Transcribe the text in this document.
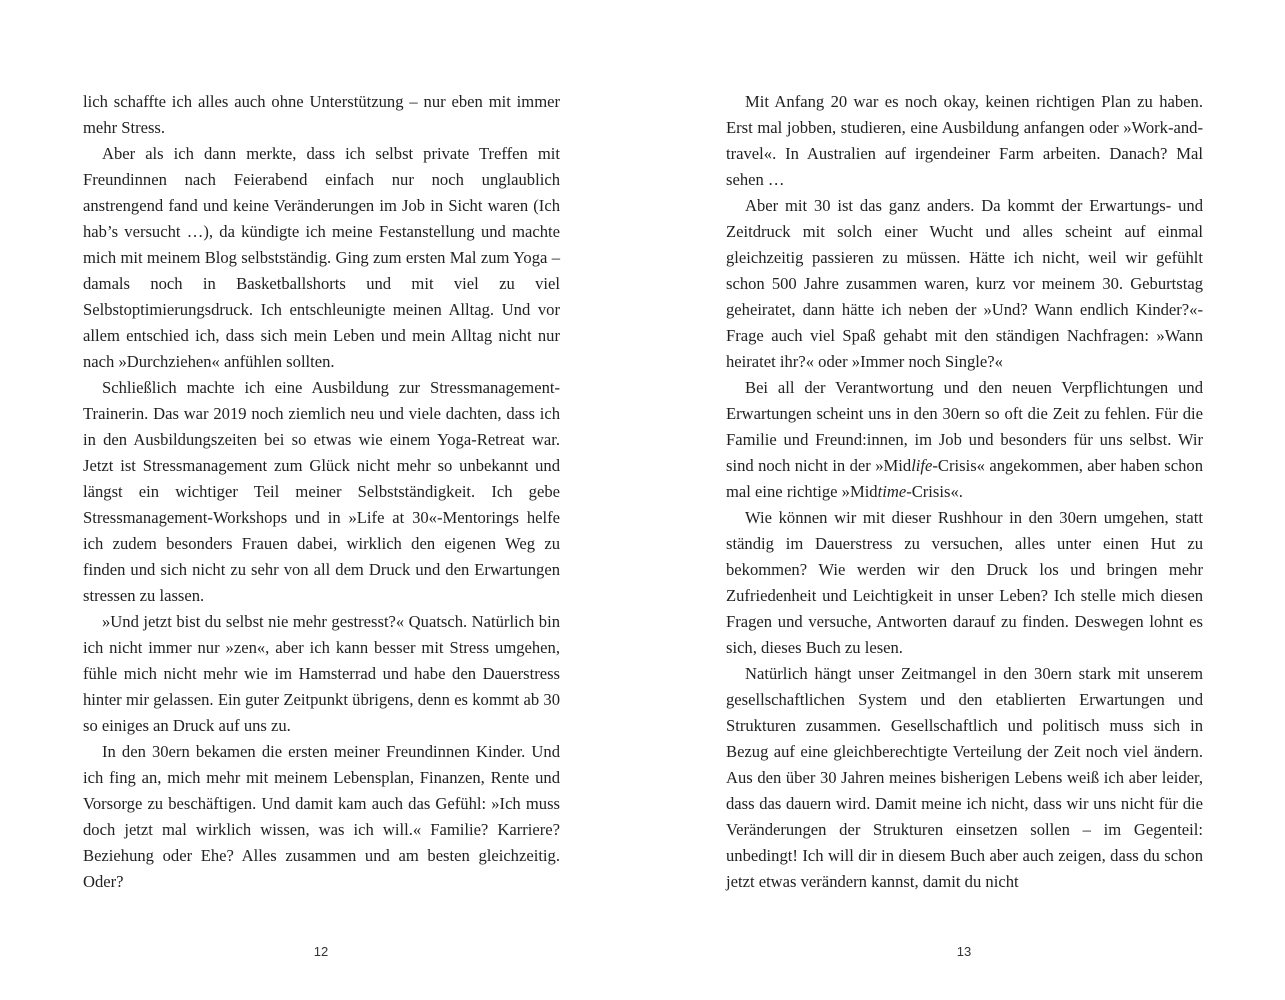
lich schaffte ich alles auch ohne Unterstützung – nur eben mit immer mehr Stress.

Aber als ich dann merkte, dass ich selbst private Treffen mit Freundinnen nach Feierabend einfach nur noch unglaublich anstrengend fand und keine Veränderungen im Job in Sicht waren (Ich hab’s versucht …), da kündigte ich meine Festanstellung und machte mich mit meinem Blog selbstständig. Ging zum ersten Mal zum Yoga – damals noch in Basketballshorts und mit viel zu viel Selbstoptimierungsdruck. Ich entschleunigte meinen Alltag. Und vor allem entschied ich, dass sich mein Leben und mein Alltag nicht nur nach »Durchziehen« anfühlen sollten.

Schließlich machte ich eine Ausbildung zur Stressmanagement-Trainerin. Das war 2019 noch ziemlich neu und viele dachten, dass ich in den Ausbildungszeiten bei so etwas wie einem Yoga-Retreat war. Jetzt ist Stressmanagement zum Glück nicht mehr so unbekannt und längst ein wichtiger Teil meiner Selbstständigkeit. Ich gebe Stressmanagement-Workshops und in »Life at 30«-Mentorings helfe ich zudem besonders Frauen dabei, wirklich den eigenen Weg zu finden und sich nicht zu sehr von all dem Druck und den Erwartungen stressen zu lassen.

»Und jetzt bist du selbst nie mehr gestresst?« Quatsch. Natürlich bin ich nicht immer nur »zen«, aber ich kann besser mit Stress umgehen, fühle mich nicht mehr wie im Hamsterrad und habe den Dauerstress hinter mir gelassen. Ein guter Zeitpunkt übrigens, denn es kommt ab 30 so einiges an Druck auf uns zu.

In den 30ern bekamen die ersten meiner Freundinnen Kinder. Und ich fing an, mich mehr mit meinem Lebensplan, Finanzen, Rente und Vorsorge zu beschäftigen. Und damit kam auch das Gefühl: »Ich muss doch jetzt mal wirklich wissen, was ich will.« Familie? Karriere? Beziehung oder Ehe? Alles zusammen und am besten gleichzeitig. Oder?

12

Mit Anfang 20 war es noch okay, keinen richtigen Plan zu haben. Erst mal jobben, studieren, eine Ausbildung anfangen oder »Work-and-travel«. In Australien auf irgendeiner Farm arbeiten. Danach? Mal sehen …

Aber mit 30 ist das ganz anders. Da kommt der Erwartungs- und Zeitdruck mit solch einer Wucht und alles scheint auf einmal gleichzeitig passieren zu müssen. Hätte ich nicht, weil wir gefühlt schon 500 Jahre zusammen waren, kurz vor meinem 30. Geburtstag geheiratet, dann hätte ich neben der »Und? Wann endlich Kinder?«-Frage auch viel Spaß gehabt mit den ständigen Nachfragen: »Wann heiratet ihr?« oder »Immer noch Single?«

Bei all der Verantwortung und den neuen Verpflichtungen und Erwartungen scheint uns in den 30ern so oft die Zeit zu fehlen. Für die Familie und Freund:innen, im Job und besonders für uns selbst. Wir sind noch nicht in der »Midlife-Crisis« angekommen, aber haben schon mal eine richtige »Midtime-Crisis«.

Wie können wir mit dieser Rushhour in den 30ern umgehen, statt ständig im Dauerstress zu versuchen, alles unter einen Hut zu bekommen? Wie werden wir den Druck los und bringen mehr Zufriedenheit und Leichtigkeit in unser Leben? Ich stelle mich diesen Fragen und versuche, Antworten darauf zu finden. Deswegen lohnt es sich, dieses Buch zu lesen.

Natürlich hängt unser Zeitmangel in den 30ern stark mit unserem gesellschaftlichen System und den etablierten Erwartungen und Strukturen zusammen. Gesellschaftlich und politisch muss sich in Bezug auf eine gleichberechtigte Verteilung der Zeit noch viel ändern. Aus den über 30 Jahren meines bisherigen Lebens weiß ich aber leider, dass das dauern wird. Damit meine ich nicht, dass wir uns nicht für die Veränderungen der Strukturen einsetzen sollen – im Gegenteil: unbedingt! Ich will dir in diesem Buch aber auch zeigen, dass du schon jetzt etwas verändern kannst, damit du nicht

13
